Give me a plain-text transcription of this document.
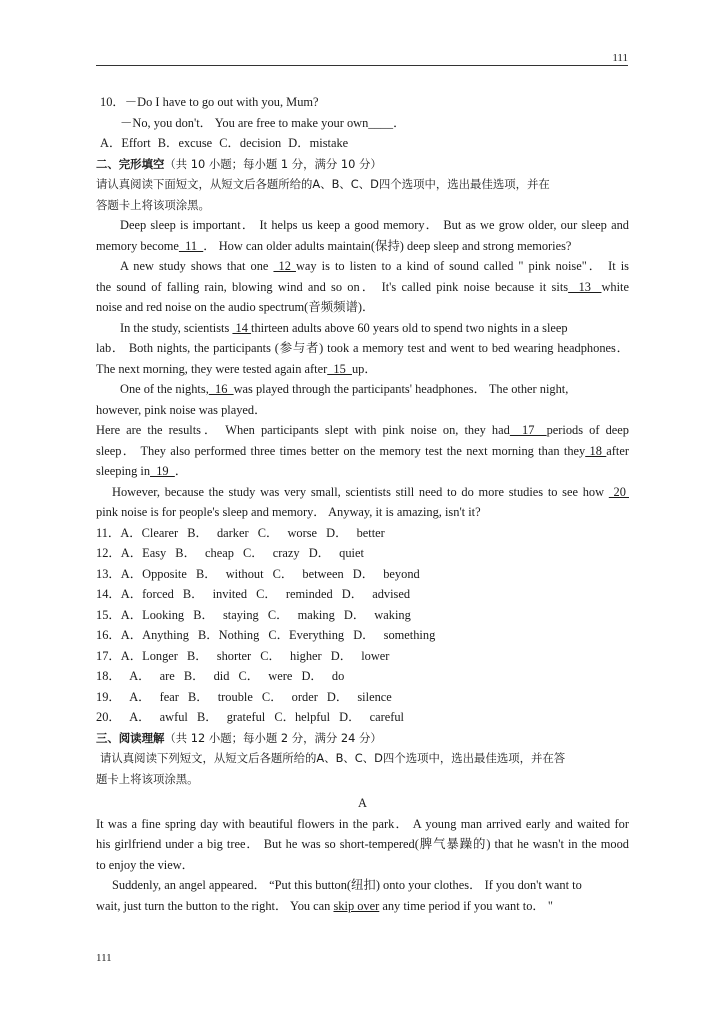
111
10．－Do I have to go out with you, Mum?
－No, you don't． You are free to make your own____．
A．Effort B．excuse C．decision D．mistake
二、完形填空（共 10 小题；每小题 1 分，满分 10 分）
请认真阅读下面短文，从短文后各题所给的A、B、C、D四个选项中，选出最佳选项，并在
答题卡上将该项涂黑。
Deep sleep is important． It helps us keep a good memory． But as we grow older, our sleep and
memory become  11  ． How can older adults maintain(保持) deep sleep and strong memories?
A new study shows that one  12 way is to listen to a kind of sound called " pink noise"． It is
the sound of falling rain, blowing wind and so on． It's called pink noise because it sits  13  white
noise and red noise on the audio spectrum(音频频谱)．
In the study, scientists  14 thirteen adults above 60 years old to spend two nights in a sleep
lab． Both nights, the participants (参与者) took a memory test and went to bed wearing headphones．
The next morning, they were tested again after  15  up．
One of the nights,  16  was played through the participants' headphones． The other night,
however, pink noise was played．
Here are the results． When participants slept with pink noise on, they had  17  periods of deep
sleep． They also performed three times better on the memory test the next morning than they 18 after
sleeping in  19  ．
However, because the study was very small, scientists still need to do more studies to see how  20
pink noise is for people's sleep and memory． Anyway, it is amazing, isn't it?
11．A．Clearer B． darker C． worse D． better
12．A．Easy B． cheap C． crazy D． quiet
13．A．Opposite B． without C． between D． beyond
14．A．forced B． invited C． reminded D． advised
15．A．Looking B． staying C． making D． waking
16．A．Anything B．Nothing C．Everything D． something
17．A．Longer B． shorter C． higher D． lower
18． A． are B． did C． were D． do
19． A． fear B． trouble C． order D． silence
20． A． awful B． grateful C．helpful D． careful
三、阅读理解（共 12 小题；每小题 2 分，满分 24 分）
请认真阅读下列短文，从短文后各题所给的A、B、C、D四个选项中，选出最佳选项，并在答
题卡上将该项涂黑。
A
It was a fine spring day with beautiful flowers in the park． A young man arrived early and waited for
his girlfriend under a big tree． But he was so short-tempered(脾气暴躁的) that he wasn't in the mood
to enjoy the view．
Suddenly, an angel appeared． “Put this button(纽扣) onto your clothes． If you don't want to
wait, just turn the button to the right． You can skip over any time period if you want to． "
111
